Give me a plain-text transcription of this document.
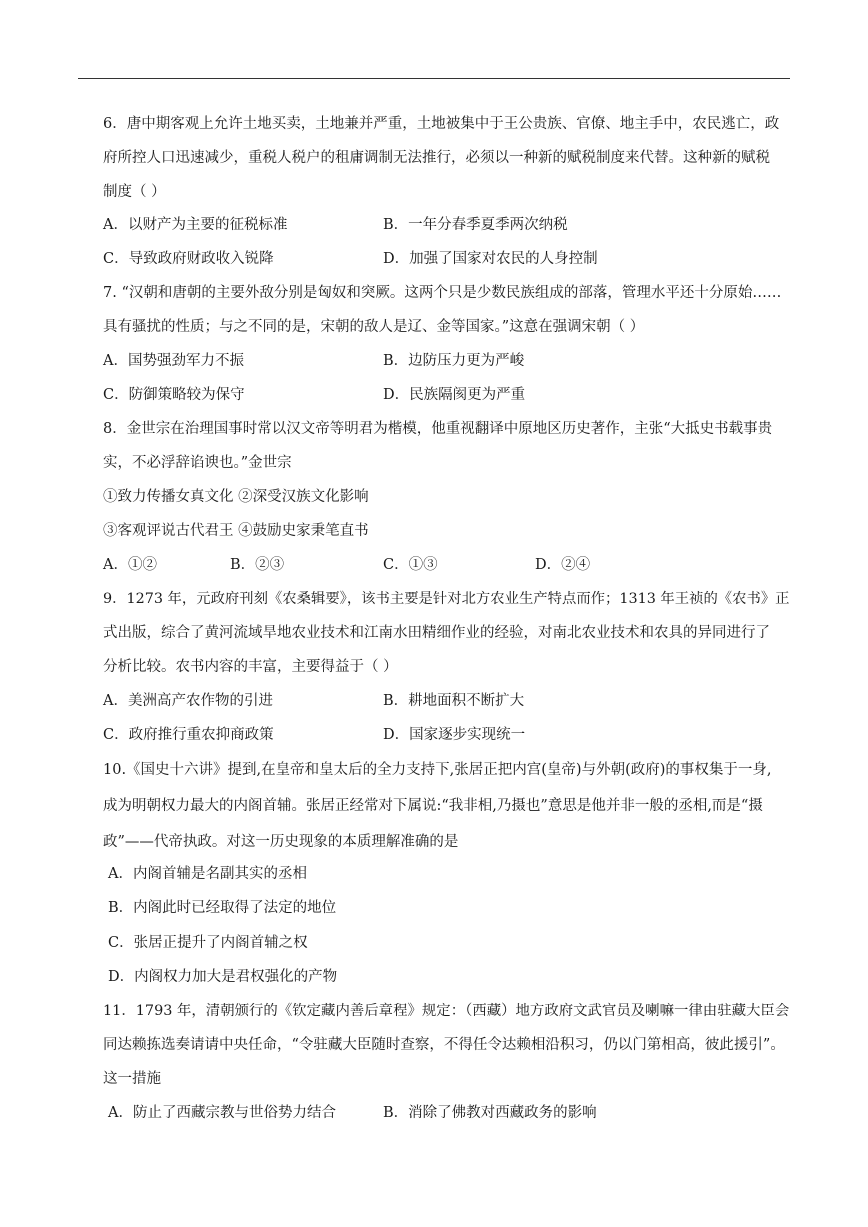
6．唐中期客观上允许土地买卖，土地兼并严重，土地被集中于王公贵族、官僚、地主手中，农民逃亡，政
府所控人口迅速减少，重税人税户的租庸调制无法推行，必须以一种新的赋税制度来代替。这种新的赋税
制度（ ）
A．以财产为主要的征税标准	B．一年分春季夏季两次纳税
C．导致政府财政收入锐降	D．加强了国家对农民的人身控制
7. “汉朝和唐朝的主要外敌分别是匈奴和突厥。这两个只是少数民族组成的部落，管理水平还十分原始……
具有骚扰的性质；与之不同的是，宋朝的敌人是辽、金等国家。”这意在强调宋朝（ ）
A．国势强劲军力不振	B．边防压力更为严峻
C．防御策略较为保守	D．民族隔阂更为严重
8．金世宗在治理国事时常以汉文帝等明君为楷模，他重视翻译中原地区历史著作，主张“大抵史书载事贵
实，不必浮辞谄谀也。”金世宗
①致力传播女真文化 ②深受汉族文化影响
③客观评说古代君王 ④鼓励史家秉笔直书
A．①②	B．②③	C．①③	D．②④
9．1273 年，元政府刊刻《农桑辑要》，该书主要是针对北方农业生产特点而作；1313 年王祯的《农书》正
式出版，综合了黄河流域旱地农业技术和江南水田精细作业的经验，对南北农业技术和农具的异同进行了
分析比较。农书内容的丰富，主要得益于（ ）
A．美洲高产农作物的引进	B．耕地面积不断扩大
C．政府推行重农抑商政策	D．国家逐步实现统一
10.《国史十六讲》提到,在皇帝和皇太后的全力支持下,张居正把内宫(皇帝)与外朝(政府)的事权集于一身,
成为明朝权力最大的内阁首辅。张居正经常对下属说:“我非相,乃摄也”意思是他并非一般的丞相,而是“摄
政”——代帝执政。对这一历史现象的本质理解准确的是
A．内阁首辅是名副其实的丞相
B．内阁此时已经取得了法定的地位
C．张居正提升了内阁首辅之权
D．内阁权力加大是君权强化的产物
11．1793 年，清朝颁行的《钦定藏内善后章程》规定：（西藏）地方政府文武官员及喇嘛一律由驻藏大臣会
同达赖拣选奏请请中央任命，“令驻藏大臣随时查察，不得任令达赖相沿积习，仍以门第相高，彼此援引”。
这一措施
A．防止了西藏宗教与世俗势力结合	B．消除了佛教对西藏政务的影响
